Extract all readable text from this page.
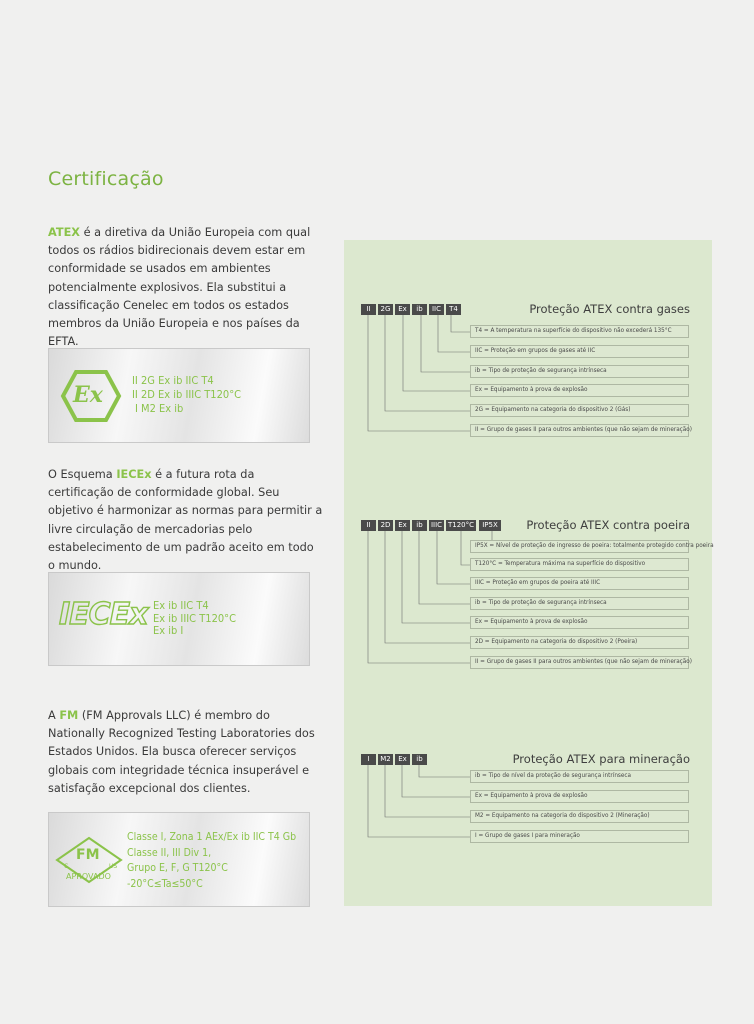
Certificação

ATEX é a diretiva da União Europeia com qual todos os rádios bidirecionais devem estar em conformidade se usados em ambientes potencialmente explosivos. Ela substitui a classificação Cenelec em todos os estados membros da União Europeia e nos países da EFTA.

Ex
II 2G Ex ib IIC T4
II 2D Ex ib IIIC T120°C
I M2 Ex ib

O Esquema IECEx é a futura rota da certificação de conformidade global. Seu objetivo é harmonizar as normas para permitir a livre circulação de mercadorias pelo estabelecimento de um padrão aceito em todo o mundo.

IECEx Ex ib IIC T4
Ex ib IIIC T120°C
Ex ib I

A FM (FM Approvals LLC) é membro do Nationally Recognized Testing Laboratories dos Estados Unidos. Ela busca oferecer serviços globais com integridade técnica insuperável e satisfação excepcional dos clientes.

FM
C	US
APROVADO
Classe I, Zona 1 AEx/Ex ib IIC T4 Gb
Classe II, III Div 1,
Grupo E, F, G T120°C
-20°C≤Ta≤50°C
Proteção ATEX contra gases
II	2G	Ex	ib	IIC	T4
T4 = A temperatura na superfície do dispositivo não excederá 135°C
IIC = Proteção em grupos de gases até IIC
ib = Tipo de proteção de segurança intrínseca
Ex = Equipamento à prova de explosão
2G = Equipamento na categoria do dispositivo 2 (Gás)
II = Grupo de gases II para outros ambientes (que não sejam de mineração)
Proteção ATEX contra poeira
II	2D	Ex	ib	IIIC T120°C	IP5X
IP5X = Nível de proteção de ingresso de poeira: totalmente protegido contra poeira
T120°C = Temperatura máxima na superfície do dispositivo
IIIC = Proteção em grupos de poeira até IIIC
ib = Tipo de proteção de segurança intrínseca
Ex = Equipamento à prova de explosão
2D = Equipamento na categoria do dispositivo 2 (Poeira)
II = Grupo de gases II para outros ambientes (que não sejam de mineração)
Proteção ATEX para mineração
I	M2	Ex	ib
ib = Tipo de nível da proteção de segurança intrínseca
Ex = Equipamento à prova de explosão
M2 = Equipamento na categoria do dispositivo 2 (Mineração)
I = Grupo de gases I para mineração
